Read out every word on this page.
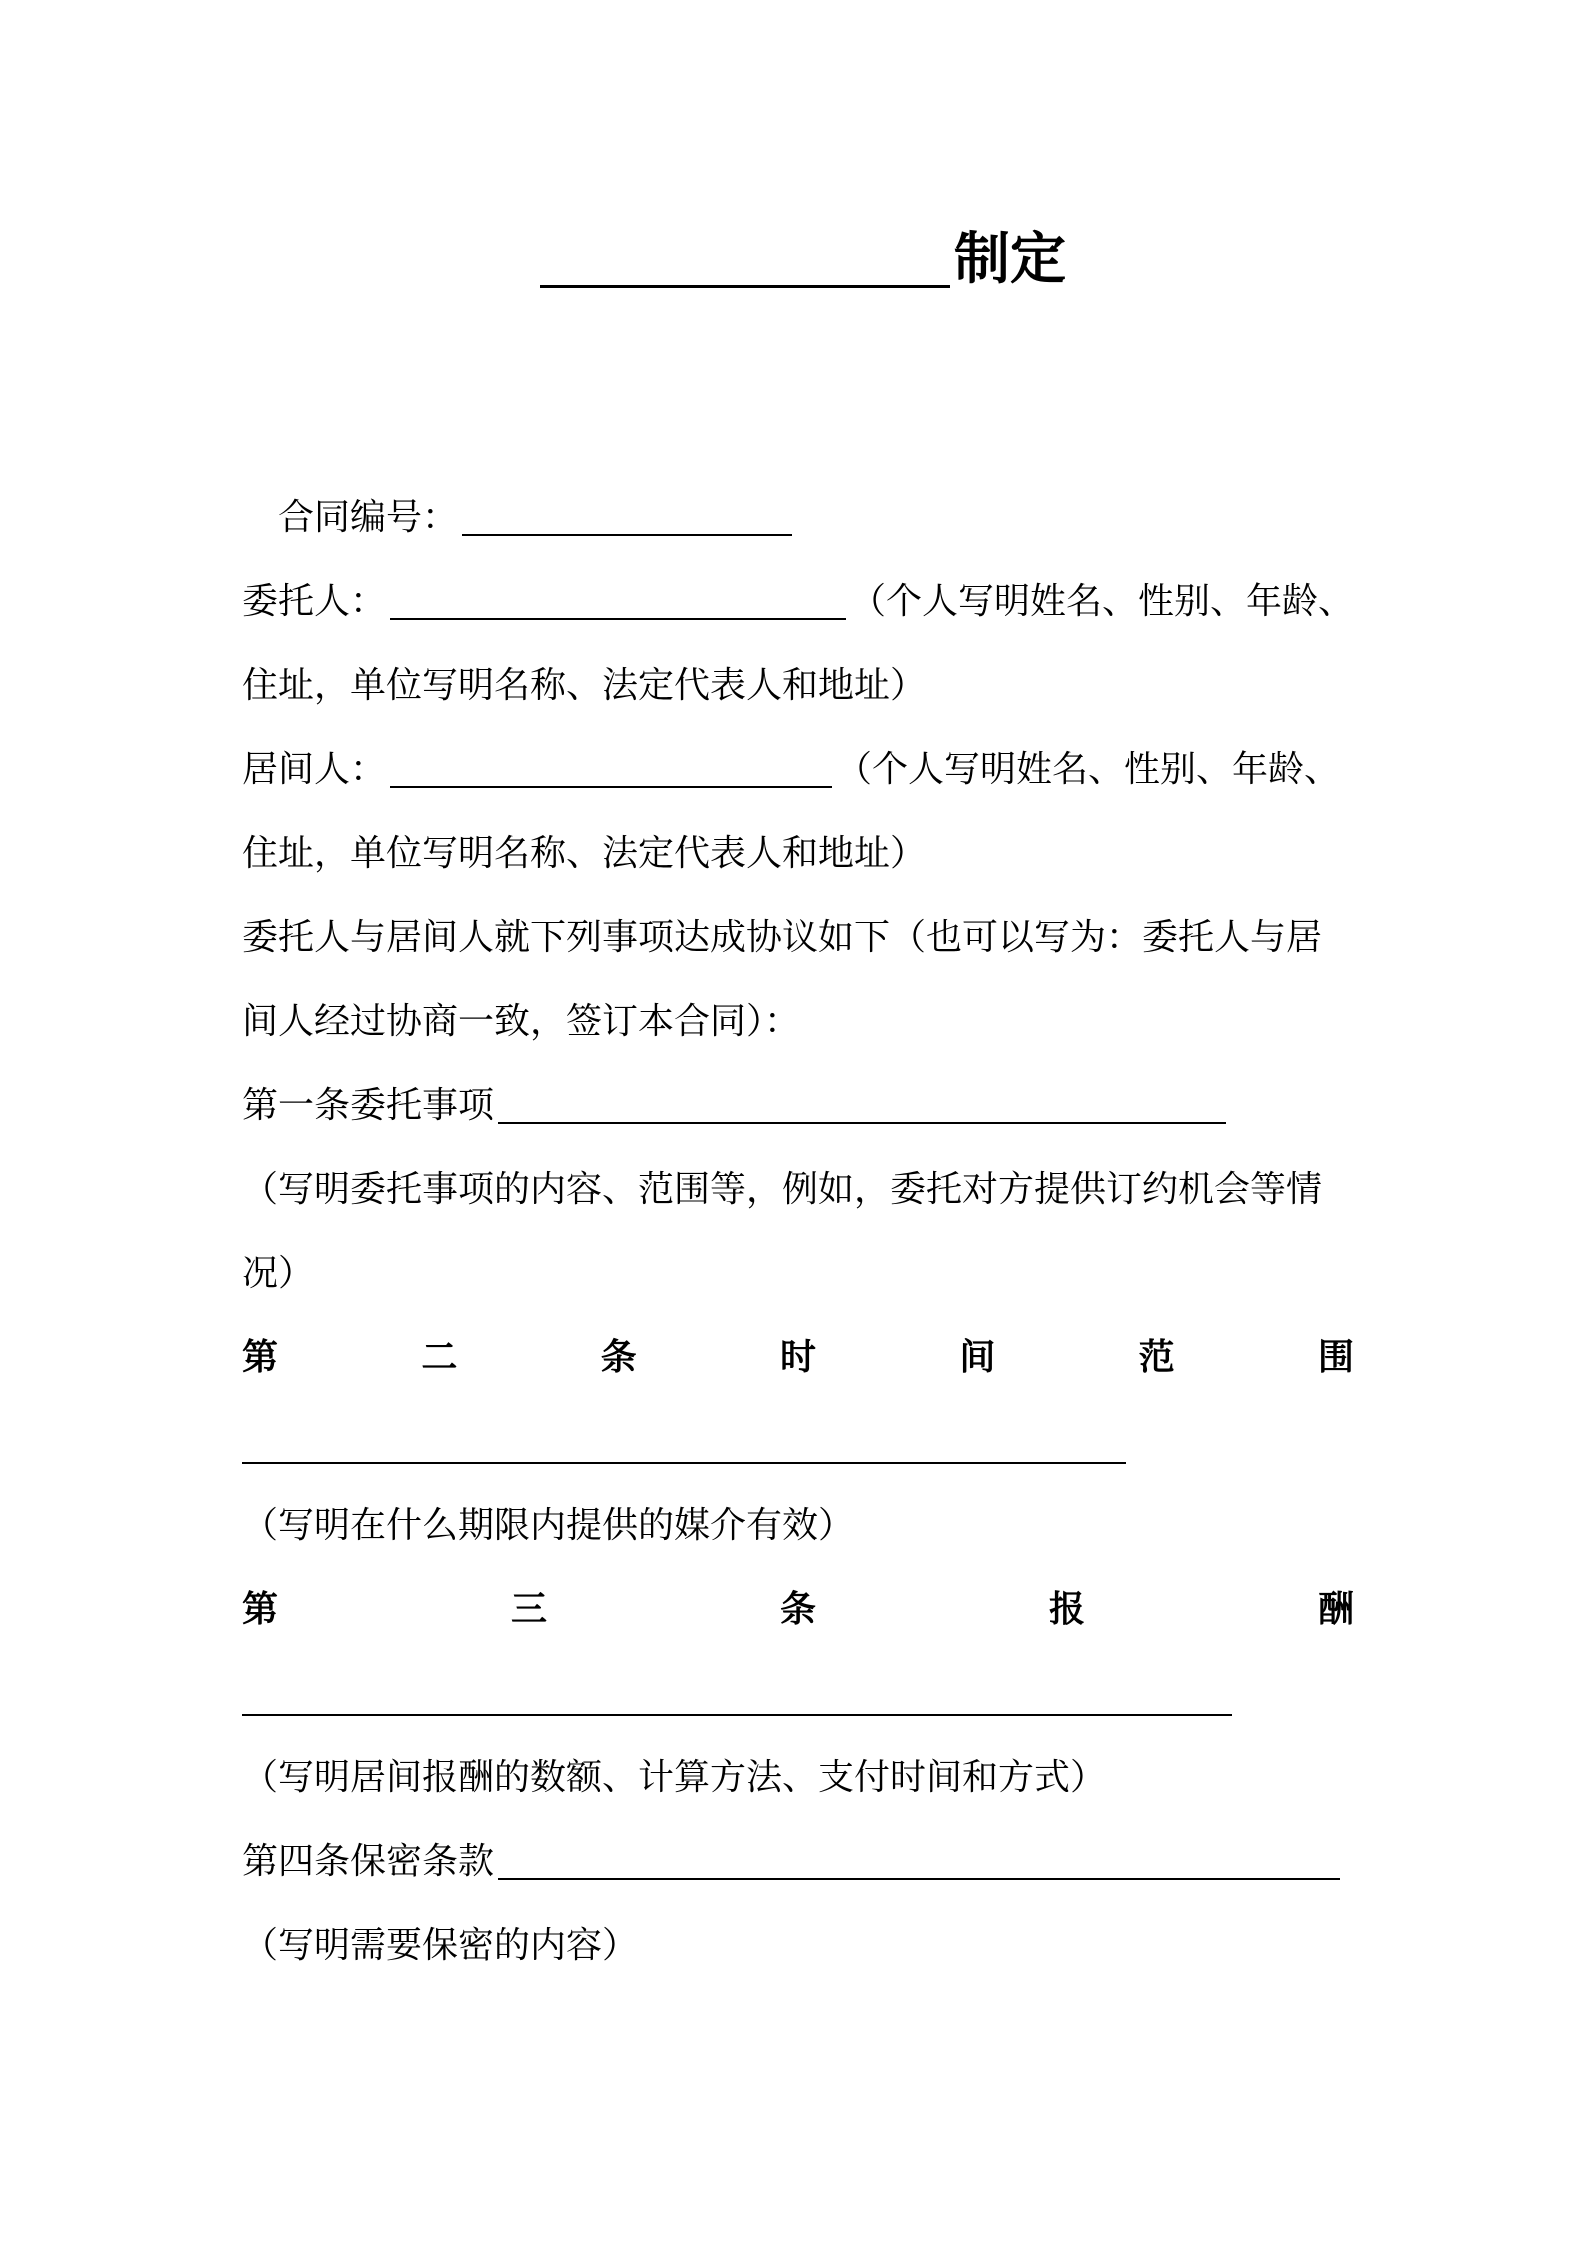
制定
合同编号：
委托人：	（个人写明姓名、性别、年龄、
住址，单位写明名称、法定代表人和地址）
居间人：	（个人写明姓名、性别、年龄、
住址，单位写明名称、法定代表人和地址）
委托人与居间人就下列事项达成协议如下（也可以写为：委托人与居
间人经过协商一致，签订本合同）：
第一条委托事项
（写明委托事项的内容、范围等，例如，委托对方提供订约机会等情
况）
第	二	条	时	间	范	围
（写明在什么期限内提供的媒介有效）
第	三	条	报	酬
（写明居间报酬的数额、计算方法、支付时间和方式）
第四条保密条款
（写明需要保密的内容）
